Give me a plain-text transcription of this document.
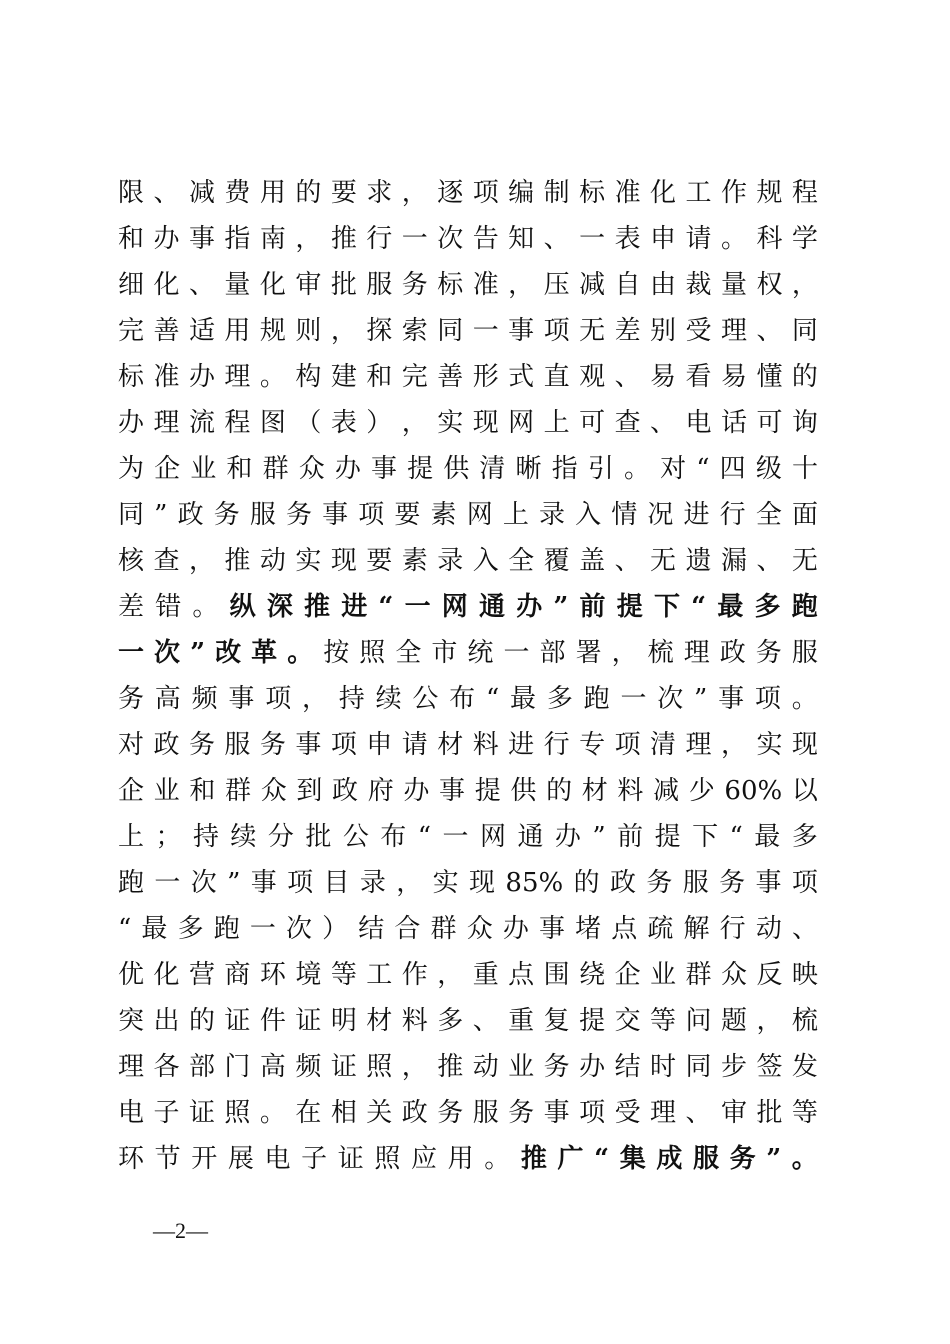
限 、 减 费 用 的 要 求 ， 逐 项 编 制 标 准 化 工 作 规 程
和 办 事 指 南 ， 推 行 一 次 告 知 、 一 表 申 请 。 科 学
细 化 、 量 化 审 批 服 务 标 准 ， 压 减 自 由 裁 量 权 ，
完 善 适 用 规 则 ， 探 索 同 一 事 项 无 差 别 受 理 、 同
标 准 办 理 。 构 建 和 完 善 形 式 直 观 、 易 看 易 懂 的
办 理 流 程 图 （ 表 ） ， 实 现 网 上 可 查 、 电 话 可 询
为 企 业 和 群 众 办 事 提 供 清 晰 指 引 。 对 “ 四 级 十
同 ” 政 务 服 务 事 项 要 素 网 上 录 入 情 况 进 行 全 面
核 查 ， 推 动 实 现 要 素 录 入 全 覆 盖 、 无 遗 漏 、 无
差 错 。 纵 深 推 进 “ 一 网 通 办 ” 前 提 下 “ 最 多 跑
一 次 ” 改 革 。 按 照 全 市 统 一 部 署 ， 梳 理 政 务 服
务 高 频 事 项 ， 持 续 公 布 “ 最 多 跑 一 次 ” 事 项 。
对 政 务 服 务 事 项 申 请 材 料 进 行 专 项 清 理 ， 实 现
企 业 和 群 众 到 政 府 办 事 提 供 的 材 料 减 少 60% 以
上 ； 持 续 分 批 公 布 “ 一 网 通 办 ” 前 提 下 “ 最 多
跑 一 次 ” 事 项 目 录 ， 实 现 85% 的 政 务 服 务 事 项
“ 最 多 跑 一 次 ） 结 合 群 众 办 事 堵 点 疏 解 行 动 、
优 化 营 商 环 境 等 工 作 ， 重 点 围 绕 企 业 群 众 反 映
突 出 的 证 件 证 明 材 料 多 、 重 复 提 交 等 问 题 ， 梳
理 各 部 门 高 频 证 照 ， 推 动 业 务 办 结 时 同 步 签 发
电 子 证 照 。 在 相 关 政 务 服 务 事 项 受 理 、 审 批 等
环 节 开 展 电 子 证 照 应 用 。 推 广 “ 集 成 服 务 ” 。
—2—
